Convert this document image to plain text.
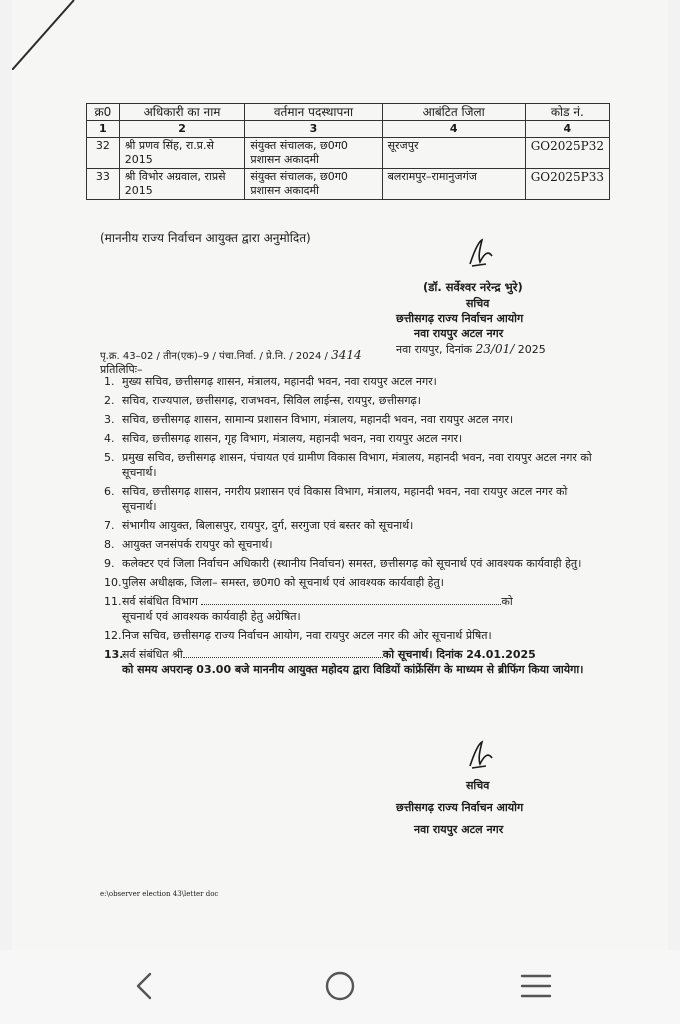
क्र0	अधिकारी का नाम	वर्तमान पदस्थापना	आबंटित जिला	कोड नं.
1	2	3	4	4
32	श्री प्रणव सिंह, रा.प्र.से 2015	संयुक्त संचालक, छ0ग0 प्रशासन अकादमी	सूरजपुर	GO2025P32
33	श्री विभोर अग्रवाल, राप्रसे 2015	संयुक्त संचालक, छ0ग0 प्रशासन अकादमी	बलरामपुर–रामानुजगंज	GO2025P33
(माननीय राज्य निर्वाचन आयुक्त द्वारा अनुमोदित)
(डॉ. सर्वेश्वर नरेन्द्र भुरे)
सचिव
छत्तीसगढ़ राज्य निर्वाचन आयोग
नवा रायपुर अटल नगर
नवा रायपुर, दिनांक 23/01/ 2025
पृ.क्र. 43–02 / तीन(एक)–9 / पंचा.निर्वा. / प्रे.नि. / 2024 / 3414
प्रतिलिपिः–
1. मुख्य सचिव, छत्तीसगढ़ शासन, मंत्रालय, महानदी भवन, नवा रायपुर अटल नगर।
2. सचिव, राज्यपाल, छत्तीसगढ़, राजभवन, सिविल लाईन्स, रायपुर, छत्तीसगढ़।
3. सचिव, छत्तीसगढ़ शासन, सामान्य प्रशासन विभाग, मंत्रालय, महानदी भवन, नवा रायपुर अटल नगर।
4. सचिव, छत्तीसगढ़ शासन, गृह विभाग, मंत्रालय, महानदी भवन, नवा रायपुर अटल नगर।
5. प्रमुख सचिव, छत्तीसगढ़ शासन, पंचायत एवं ग्रामीण विकास विभाग, मंत्रालय, महानदी भवन, नवा रायपुर अटल नगर को सूचनार्थ।
6. सचिव, छत्तीसगढ़ शासन, नगरीय प्रशासन एवं विकास विभाग, मंत्रालय, महानदी भवन, नवा रायपुर अटल नगर को सूचनार्थ।
7. संभागीय आयुक्त, बिलासपुर, रायपुर, दुर्ग, सरगुजा एवं बस्तर को सूचनार्थ।
8. आयुक्त जनसंपर्क रायपुर को सूचनार्थ।
9. कलेक्टर एवं जिला निर्वाचन अधिकारी (स्थानीय निर्वाचन) समस्त, छत्तीसगढ़ को सूचनार्थ एवं आवश्यक कार्यवाही हेतु।
10. पुलिस अधीक्षक, जिला– समस्त, छ0ग0 को सूचनार्थ एवं आवश्यक कार्यवाही हेतु।
11. सर्व संबंधित विभाग	को
सूचनार्थ एवं आवश्यक कार्यवाही हेतु अग्रेषित।
12. निज सचिव, छत्तीसगढ़ राज्य निर्वाचन आयोग, नवा रायपुर अटल नगर की ओर सूचनार्थ प्रेषित।
13.
सर्व संबंधित श्री	को सूचनार्थ। दिनांक 24.01.2025
को समय अपरान्ह 03.00 बजे माननीय आयुक्त महोदय द्वारा विडियों कांफ्रेंसिंग के माध्यम से ब्रीफिंग किया जायेगा।
सचिव
छत्तीसगढ़ राज्य निर्वाचन आयोग
नवा रायपुर अटल नगर
e:\observer election 43\letter doc
